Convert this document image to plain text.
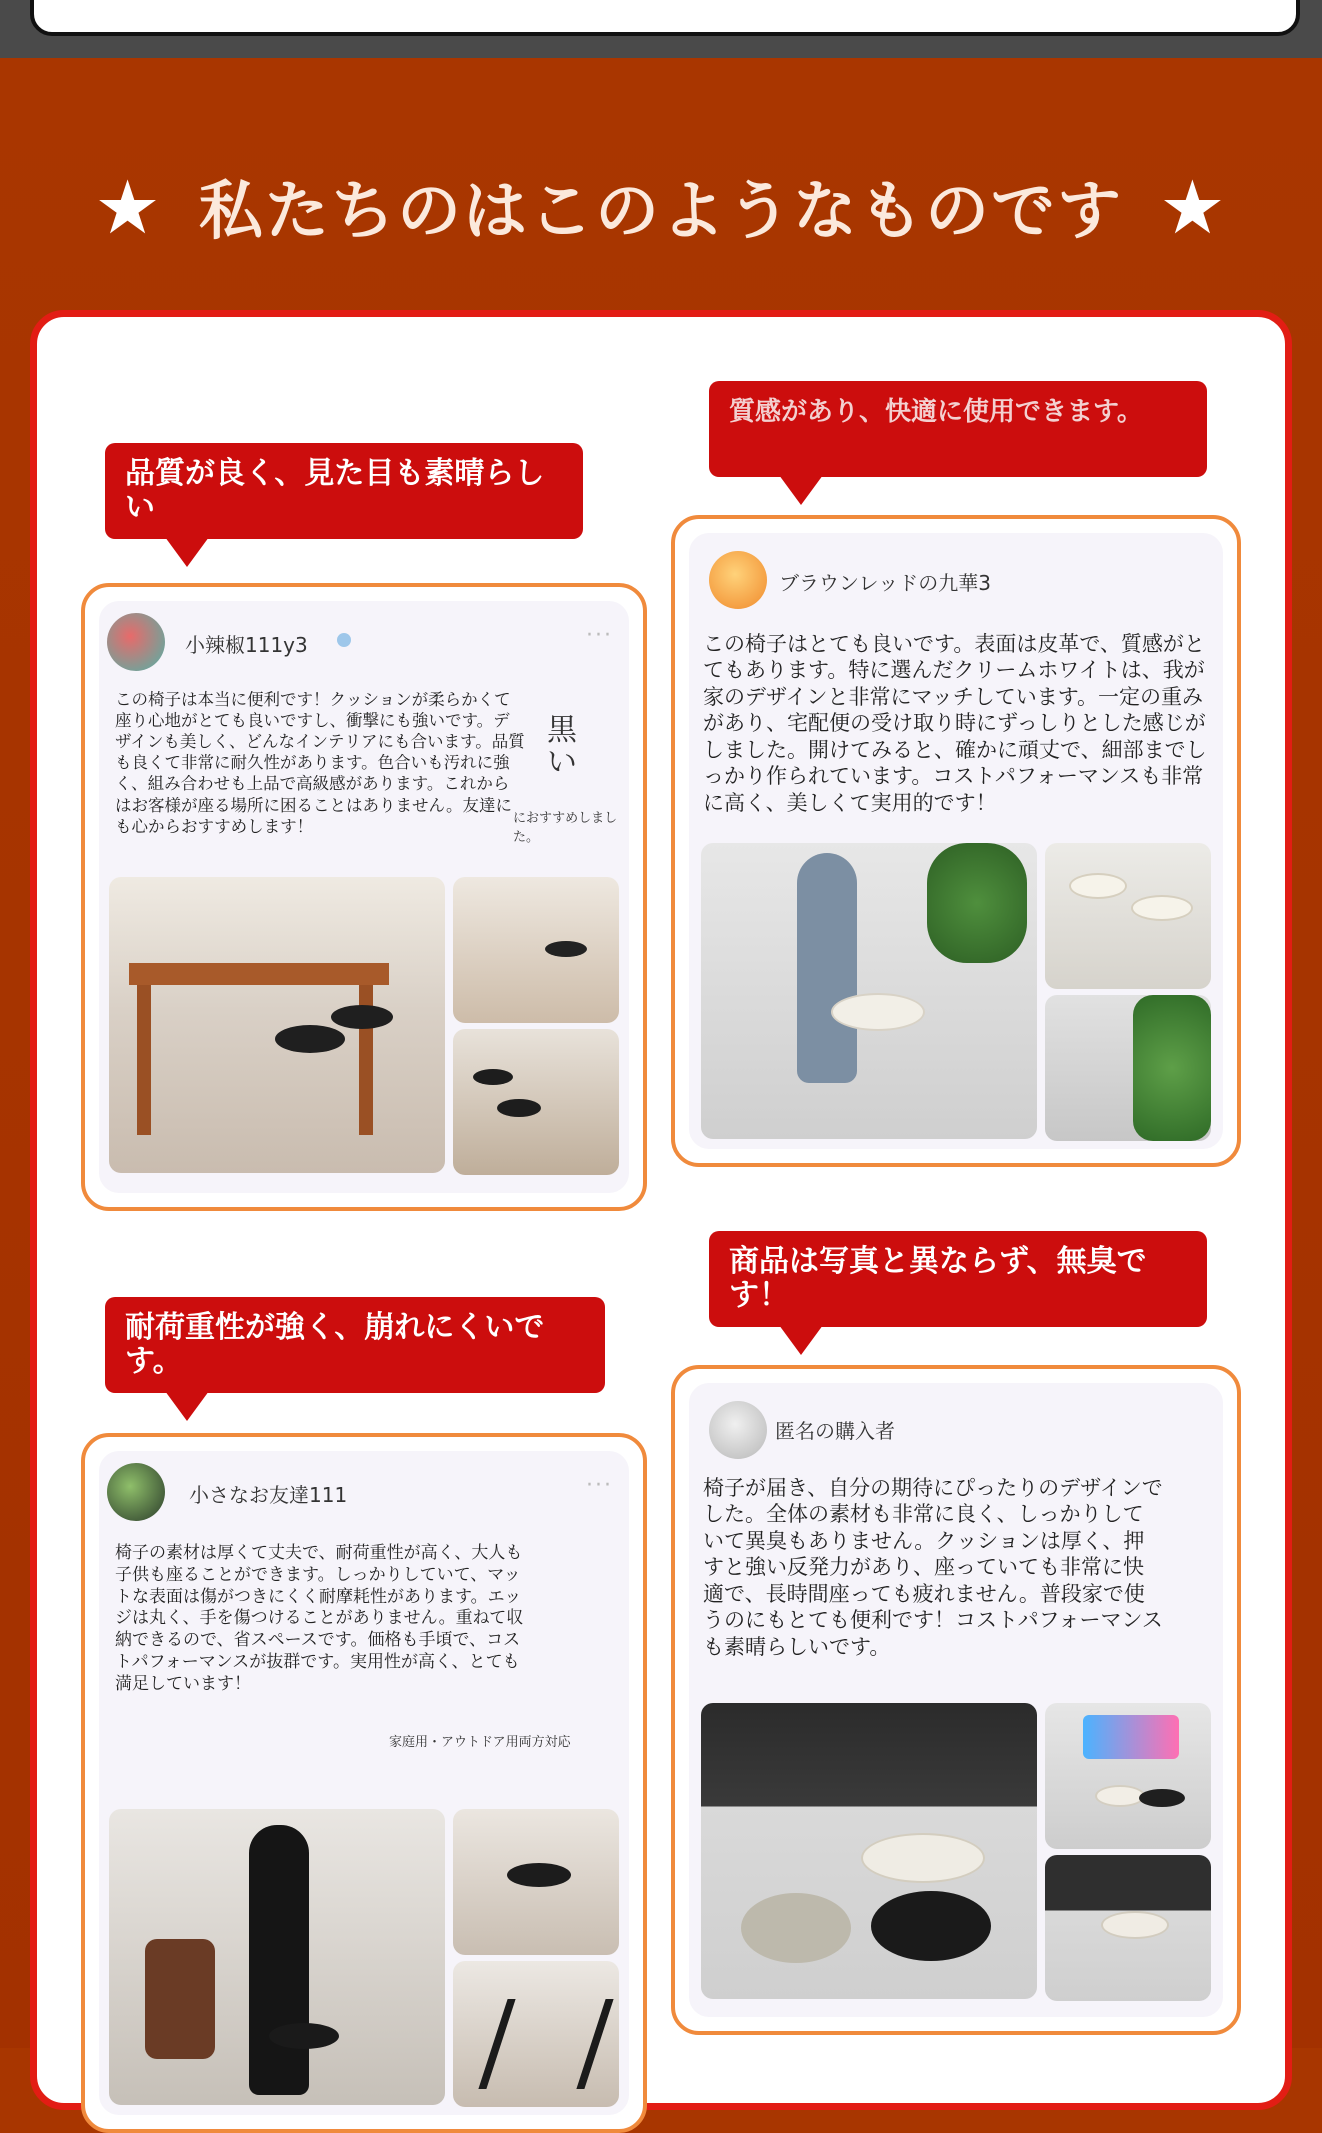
★ 私たちのはこのようなものです ★
品質が良く、見た目も素晴らしい
小辣椒111y3	···
この椅子は本当に便利です！クッションが柔らかくて座り心地がとても良いですし、衝撃にも強いです。デザインも美しく、どんなインテリアにも合います。品質も良くて非常に耐久性があります。色合いも汚れに強く、組み合わせも上品で高級感があります。これからはお客様が座る場所に困ることはありません。友達にも心からおすすめします！
黒い
におすすめしました。
質感があり、快適に使用できます。
ブラウンレッドの九華3
この椅子はとても良いです。表面は皮革で、質感がとてもあります。特に選んだクリームホワイトは、我が家のデザインと非常にマッチしています。一定の重みがあり、宅配便の受け取り時にずっしりとした感じがしました。開けてみると、確かに頑丈で、細部までしっかり作られています。コストパフォーマンスも非常に高く、美しくて実用的です！
耐荷重性が強く、崩れにくいです。
小さなお友達111	···
椅子の素材は厚くて丈夫で、耐荷重性が高く、大人も子供も座ることができます。しっかりしていて、マットな表面は傷がつきにくく耐摩耗性があります。エッジは丸く、手を傷つけることがありません。重ねて収納できるので、省スペースです。価格も手頃で、コストパフォーマンスが抜群です。実用性が高く、とても満足しています！
家庭用・アウトドア用両方対応
商品は写真と異ならず、無臭です！
匿名の購入者
椅子が届き、自分の期待にぴったりのデザインでした。全体の素材も非常に良く、しっかりしていて異臭もありません。クッションは厚く、押すと強い反発力があり、座っていても非常に快適で、長時間座っても疲れません。普段家で使うのにもとても便利です！コストパフォーマンスも素晴らしいです。
